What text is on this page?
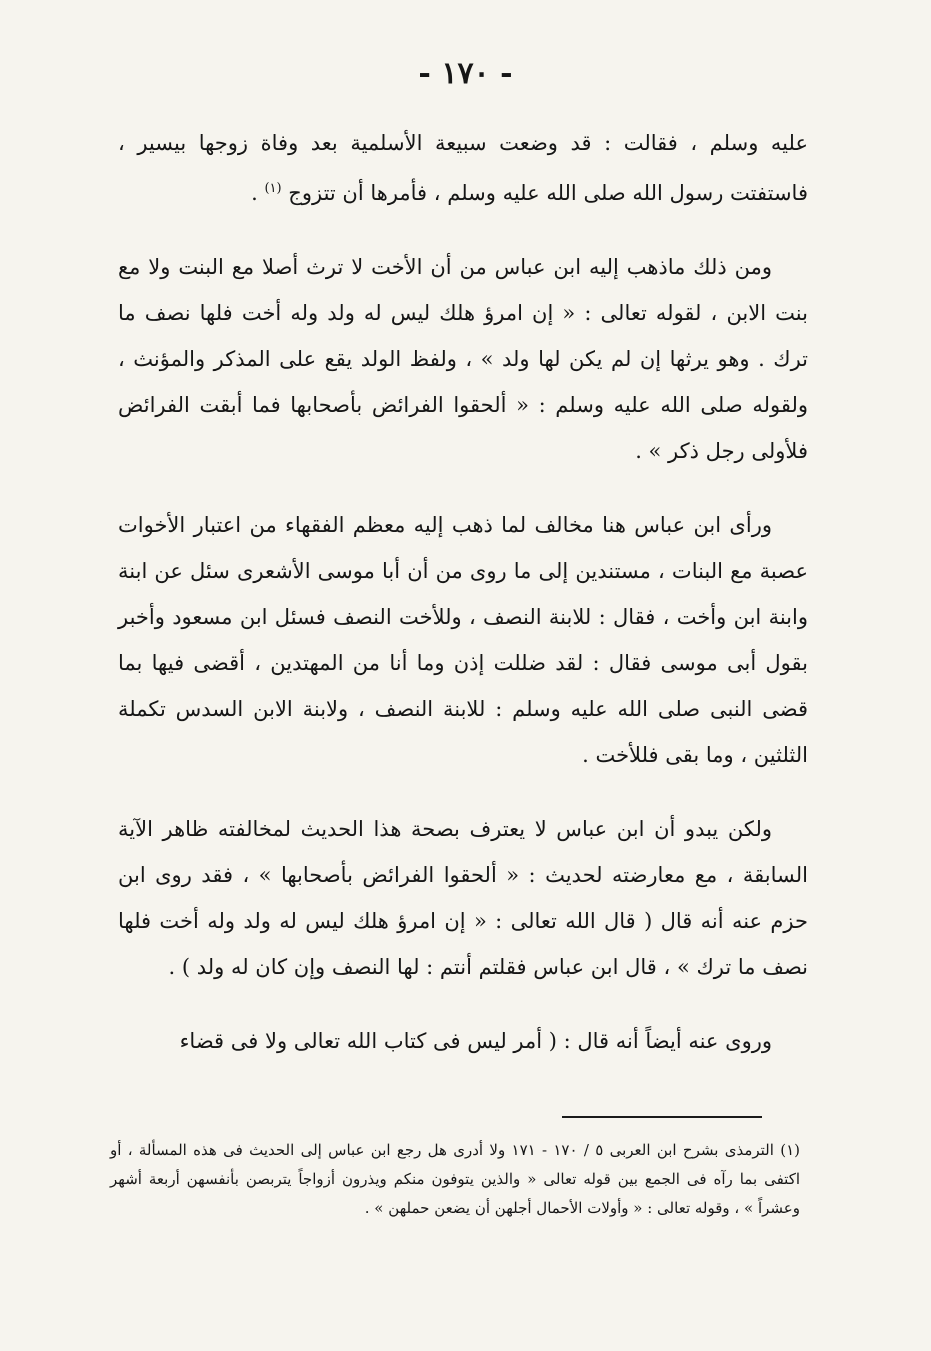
- ١٧٠ -

عليه وسلم ، فقالت : قد وضعت سبيعة الأسلمية بعد وفاة زوجها بيسير ، فاستفتت رسول الله صلى الله عليه وسلم ، فأمرها أن تتزوج $^{(١)}$ .

ومن ذلك ماذهب إليه ابن عباس من أن الأخت لا ترث أصلا مع البنت ولا مع بنت الابن ، لقوله تعالى : « إن امرؤ هلك ليس له ولد وله أخت فلها نصف ما ترك . وهو يرثها إن لم يكن لها ولد » ، ولفظ الولد يقع على المذكر والمؤنث ، ولقوله صلى الله عليه وسلم : « ألحقوا الفرائض بأصحابها فما أبقت الفرائض فلأولى رجل ذكر » .

ورأى ابن عباس هنا مخالف لما ذهب إليه معظم الفقهاء من اعتبار الأخوات عصبة مع البنات ، مستندين إلى ما روى من أن أبا موسى الأشعرى سئل عن ابنة وابنة ابن وأخت ، فقال : للابنة النصف ، وللأخت النصف فسئل ابن مسعود وأخبر بقول أبى موسى فقال : لقد ضللت إذن وما أنا من المهتدين ، أقضى فيها بما قضى النبى صلى الله عليه وسلم : للابنة النصف ، ولابنة الابن السدس تكملة الثلثين ، وما بقى فللأخت .

ولكن يبدو أن ابن عباس لا يعترف بصحة هذا الحديث لمخالفته ظاهر الآية السابقة ، مع معارضته لحديث : « ألحقوا الفرائض بأصحابها » ، فقد روى ابن حزم عنه أنه قال ( قال الله تعالى : « إن امرؤ هلك ليس له ولد وله أخت فلها نصف ما ترك » ، قال ابن عباس فقلتم أنتم : لها النصف وإن كان له ولد ) .

وروى عنه أيضاً أنه قال : ( أمر ليس فى كتاب الله تعالى ولا فى قضاء

(١) الترمذى بشرح ابن العربى ٥ / ١٧٠ - ١٧١ ولا أدرى هل رجع ابن عباس إلى الحديث فى هذه المسألة ، أو اكتفى بما رآه فى الجمع بين قوله تعالى « والذين يتوفون منكم ويذرون أزواجاً يتربصن بأنفسهن أربعة أشهر وعشراً » ، وقوله تعالى : « وأولات الأحمال أجلهن أن يضعن حملهن » .
